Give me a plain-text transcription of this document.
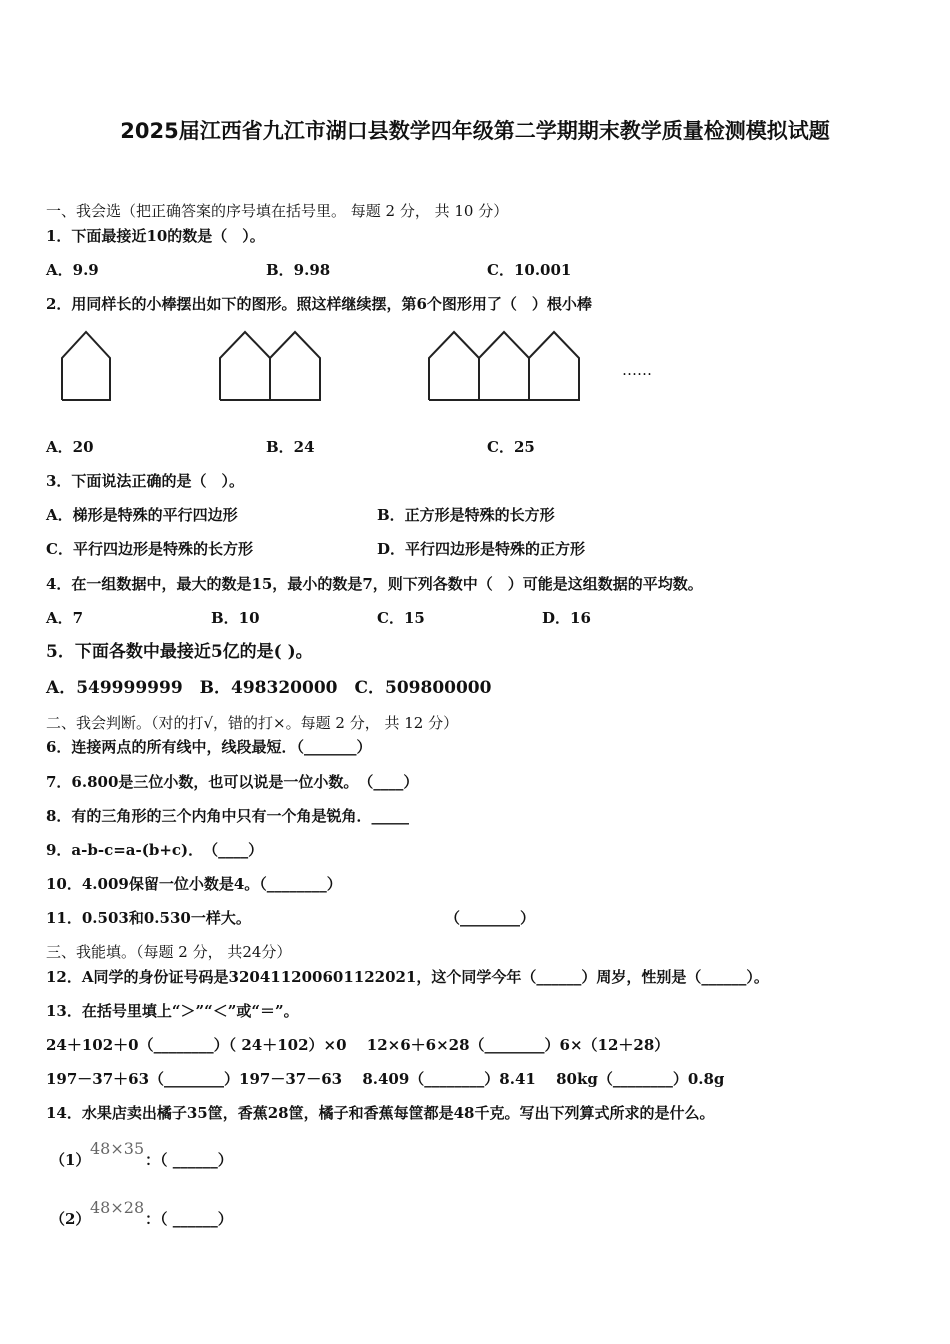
2025届江西省九江市湖口县数学四年级第二学期期末教学质量检测模拟试题
一、我会选（把正确答案的序号填在括号里。 每题 2 分， 共 10 分）
1．下面最接近10的数是（　）。
A．9.9	B．9.98	C．10.001
2．用同样长的小棒摆出如下的图形。照这样继续摆，第6个图形用了（　）根小棒
……
A．20	B．24	C．25
3．下面说法正确的是（　）。
A．梯形是特殊的平行四边形	B．正方形是特殊的长方形
C．平行四边形是特殊的长方形	D．平行四边形是特殊的正方形
4．在一组数据中，最大的数是15，最小的数是7，则下列各数中（　）可能是这组数据的平均数。
A．7	B．10	C．15	D．16
5．下面各数中最接近5亿的是( )。
A．549999999　B．498320000　C．509800000
二、我会判断。（对的打√，错的打×。每题 2 分， 共 12 分）
6．连接两点的所有线中，线段最短．（_______）
7．6.800是三位小数，也可以说是一位小数。　（____）
8．有的三角形的三个内角中只有一个角是锐角．_____
9．a-b-c=a-(b+c)．　（____）
10．4.009保留一位小数是4。（________）
11．0.503和0.530一样大。	（________）
三、我能填。（每题 2 分， 共24分）
12．A同学的身份证号码是320411200601122021，这个同学今年（______）周岁，性别是（______）。
13．在括号里填上“＞”“＜”或“＝”。
24＋102＋0（________）（ 24＋102）×0　 12×6＋6×28（________）6×（12＋28）
197－37＋63（________）197－37－63　 8.409（________）8.41　 80kg（________）0.8g
14．水果店卖出橘子35筐，香蕉28筐，橘子和香蕉每筐都是48千克。写出下列算式所求的是什么。
（1）
48×35
：（ ______）
（2）
48×28
：（ ______）
